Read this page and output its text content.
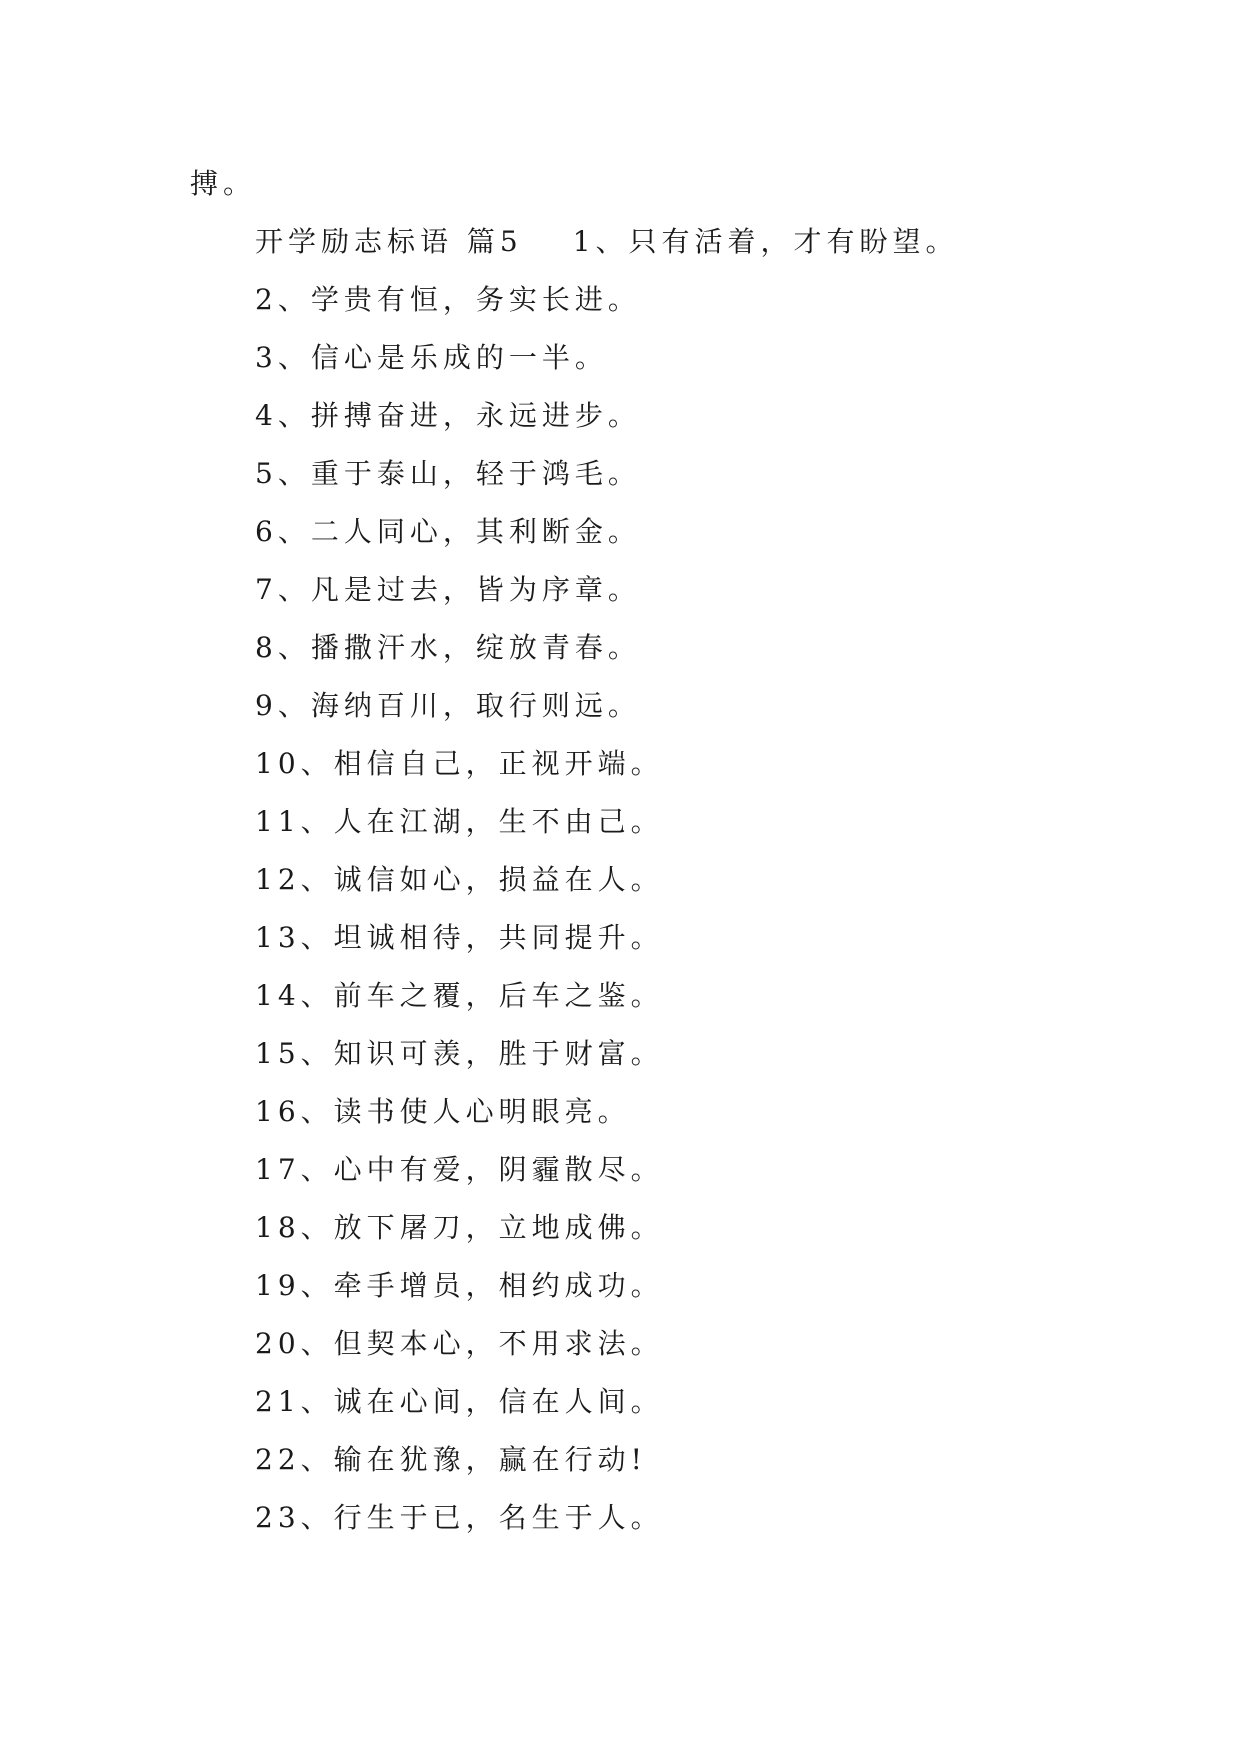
搏。
开学励志标语 篇5 1、只有活着，才有盼望。
2、学贵有恒，务实长进。
3、信心是乐成的一半。
4、拼搏奋进，永远进步。
5、重于泰山，轻于鸿毛。
6、二人同心，其利断金。
7、凡是过去，皆为序章。
8、播撒汗水，绽放青春。
9、海纳百川，取行则远。
10、相信自己，正视开端。
11、人在江湖，生不由己。
12、诚信如心，损益在人。
13、坦诚相待，共同提升。
14、前车之覆，后车之鉴。
15、知识可羡，胜于财富。
16、读书使人心明眼亮。
17、心中有爱，阴霾散尽。
18、放下屠刀，立地成佛。
19、牵手增员，相约成功。
20、但契本心，不用求法。
21、诚在心间，信在人间。
22、输在犹豫，赢在行动!
23、行生于已，名生于人。
